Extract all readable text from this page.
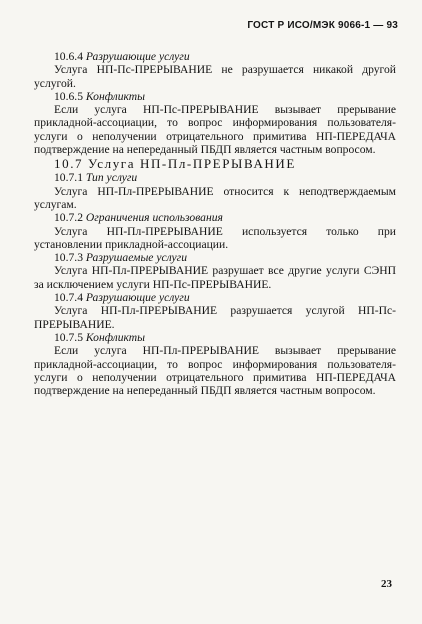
ГОСТ Р ИСО/МЭК 9066-1 — 93

10.6.4 Разрушающие услуги

Услуга НП-Пс-ПРЕРЫВАНИЕ не разрушается никакой другой услугой.

10.6.5 Конфликты

Если услуга НП-Пс-ПРЕРЫВАНИЕ вызывает прерывание прикладной-ассоциации, то вопрос информирования пользователя-услуги о неполучении отрицательного примитива НП-ПЕРЕДАЧА подтверждение на непереданный ПБДП является частным вопросом.

10.7 Услуга НП-Пл-ПРЕРЫВАНИЕ

10.7.1 Тип услуги

Услуга НП-Пл-ПРЕРЫВАНИЕ относится к неподтверждаемым услугам.

10.7.2 Ограничения использования

Услуга НП-Пл-ПРЕРЫВАНИЕ используется только при установлении прикладной-ассоциации.

10.7.3 Разрушаемые услуги

Услуга НП-Пл-ПРЕРЫВАНИЕ разрушает все другие услуги СЭНП за исключением услуги НП-Пс-ПРЕРЫВАНИЕ.

10.7.4 Разрушающие услуги

Услуга НП-Пл-ПРЕРЫВАНИЕ разрушается услугой НП-Пс-ПРЕРЫВАНИЕ.

10.7.5 Конфликты

Если услуга НП-Пл-ПРЕРЫВАНИЕ вызывает прерывание прикладной-ассоциации, то вопрос информирования пользователя-услуги о неполучении отрицательного примитива НП-ПЕРЕДАЧА подтверждение на непереданный ПБДП является частным вопросом.

23
